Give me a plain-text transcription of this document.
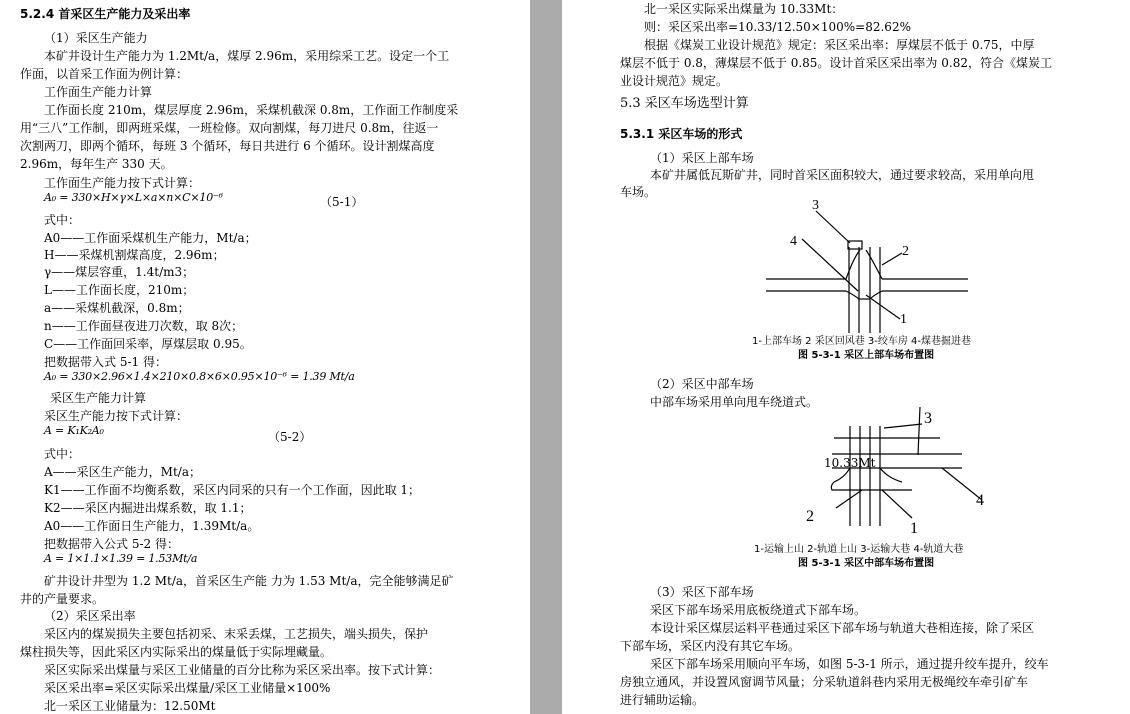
5.2.4 首采区生产能力及采出率
（1）采区生产能力
本矿井设计生产能力为 1.2Mt/a，煤厚 2.96m，采用综采工艺。设定一个工
作面，以首采工作面为例计算：
工作面生产能力计算
工作面长度 210m，煤层厚度 2.96m，采煤机截深 0.8m，工作面工作制度采
用“三八”工作制，即两班采煤，一班检修。双向割煤，每刀进尺 0.8m，往返一
次割两刀，即两个循环，每班 3 个循环，每日共进行 6 个循环。设计割煤高度
2.96m，每年生产 330 天。
工作面生产能力按下式计算：
A₀ = 330×H×γ×L×a×n×C×10⁻⁶	（5-1）
式中：
A0——工作面采煤机生产能力，Mt/a；
H——采煤机割煤高度，2.96m；
γ——煤层容重，1.4t/m3；
L——工作面长度，210m；
a——采煤机截深，0.8m；
n——工作面昼夜进刀次数，取 8次；
C——工作面回采率，厚煤层取 0.95。
把数据带入式 5-1 得：
A₀ = 330×2.96×1.4×210×0.8×6×0.95×10⁻⁶ = 1.39 Mt/a
采区生产能力计算
采区生产能力按下式计算：
A = K₁K₂A₀	（5-2）
式中：
A——采区生产能力，Mt/a；
K1——工作面不均衡系数，采区内同采的只有一个工作面，因此取 1；
K2——采区内掘进出煤系数，取 1.1；
A0——工作面日生产能力，1.39Mt/a。
把数据带入公式 5-2 得：
A = 1×1.1×1.39 = 1.53Mt/a
矿井设计井型为 1.2 Mt/a，首采区生产能 力为 1.53 Mt/a，完全能够满足矿
井的产量要求。
（2）采区采出率
采区内的煤炭损失主要包括初采、末采丢煤，工艺损失，端头损失，保护
煤柱损失等，因此采区内实际采出的煤量低于实际埋藏量。
采区实际采出煤量与采区工业储量的百分比称为采区采出率。按下式计算：
采区采出率=采区实际采出煤量/采区工业储量×100%
北一采区工业储量为：12.50Mt
北一采区实际采出煤量为 10.33Mt：
则：采区采出率=10.33/12.50×100%=82.62%
根据《煤炭工业设计规范》规定：采区采出率：厚煤层不低于 0.75，中厚
煤层不低于 0.8，薄煤层不低于 0.85。设计首采区采出率为 0.82，符合《煤炭工
业设计规范》规定。
5.3 采区车场选型计算
5.3.1 采区车场的形式
（1）采区上部车场
本矿井属低瓦斯矿井，同时首采区面积较大，通过要求较高，采用单向甩
车场。
3
4
2
1
1-上部车场 2 采区回风巷 3-绞车房 4-煤巷掘进巷
图 5-3-1 采区上部车场布置图
（2）采区中部车场
中部车场采用单向甩车绕道式。
10.33Mt
3
4
2
1
1-运输上山 2-轨道上山 3-运输大巷 4-轨道大巷
图 5-3-1 采区中部车场布置图
（3）采区下部车场
采区下部车场采用底板绕道式下部车场。
本设计采区煤层运料平巷通过采区下部车场与轨道大巷相连接，除了采区
下部车场，采区内没有其它车场。
采区下部车场采用顺向平车场，如图 5-3-1 所示，通过提升绞车提升，绞车
房独立通风，并设置风窗调节风量；分采轨道斜巷内采用无极绳绞车牵引矿车
进行辅助运输。
